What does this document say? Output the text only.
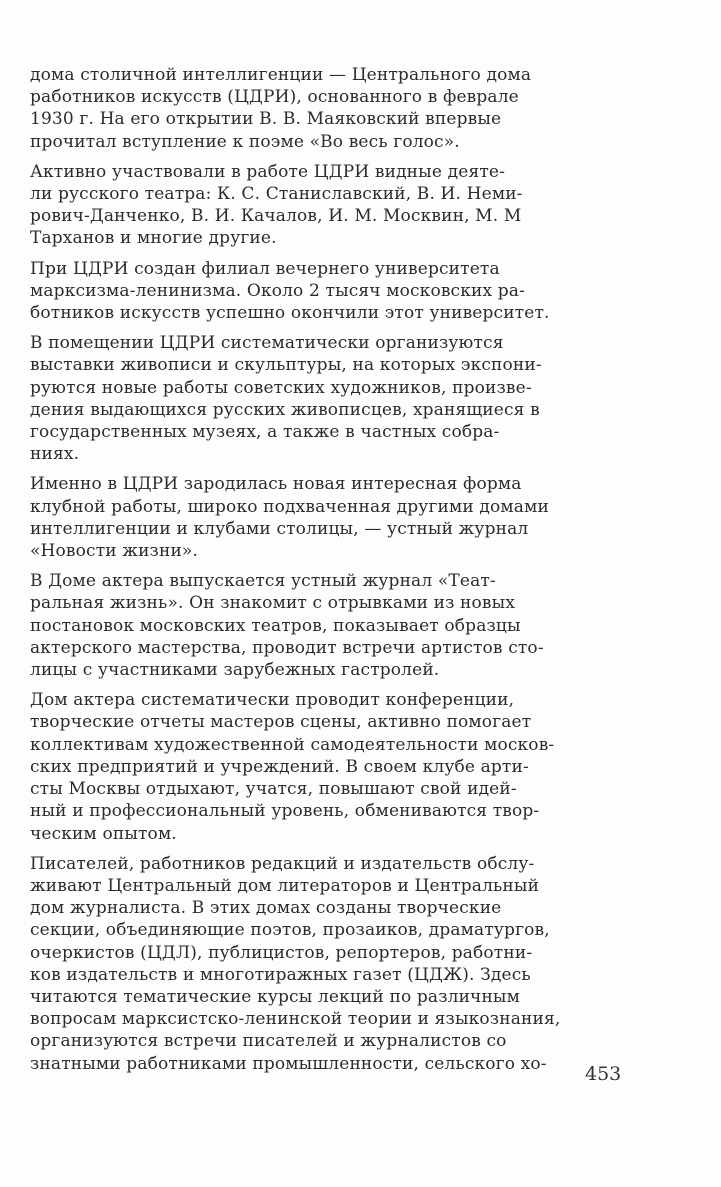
дома столичной интеллигенции — Центрального дома
работников искусств (ЦДРИ), основанного в феврале
1930 г. На его открытии В. В. Маяковский впервые
прочитал вступление к поэме «Во весь голос».
Активно участвовали в работе ЦДРИ видные деяте-
ли русского театра: К. С. Станиславский, В. И. Неми-
рович-Данченко, В. И. Качалов, И. М. Москвин, М. М
Тарханов и многие другие.
При ЦДРИ создан филиал вечернего университета
марксизма-ленинизма. Около 2 тысяч московских ра-
ботников искусств успешно окончили этот университет.
В помещении ЦДРИ систематически организуются
выставки живописи и скульптуры, на которых экспони-
руются новые работы советских художников, произве-
дения выдающихся русских живописцев, хранящиеся в
государственных музеях, а также в частных собра-
ниях.
Именно в ЦДРИ зародилась новая интересная форма
клубной работы, широко подхваченная другими домами
интеллигенции и клубами столицы, — устный журнал
«Новости жизни».
В Доме актера выпускается устный журнал «Теат-
ральная жизнь». Он знакомит с отрывками из новых
постановок московских театров, показывает образцы
актерского мастерства, проводит встречи артистов сто-
лицы с участниками зарубежных гастролей.
Дом актера систематически проводит конференции,
творческие отчеты мастеров сцены, активно помогает
коллективам художественной самодеятельности москов-
ских предприятий и учреждений. В своем клубе арти-
сты Москвы отдыхают, учатся, повышают свой идей-
ный и профессиональный уровень, обмениваются твор-
ческим опытом.
Писателей, работников редакций и издательств обслу-
живают Центральный дом литераторов и Центральный
дом журналиста. В этих домах созданы творческие
секции, объединяющие поэтов, прозаиков, драматургов,
очеркистов (ЦДЛ), публицистов, репортеров, работни-
ков издательств и многотиражных газет (ЦДЖ). Здесь
читаются тематические курсы лекций по различным
вопросам марксистско-ленинской теории и языкознания,
организуются встречи писателей и журналистов со
знатными работниками промышленности, сельского хо-	453
